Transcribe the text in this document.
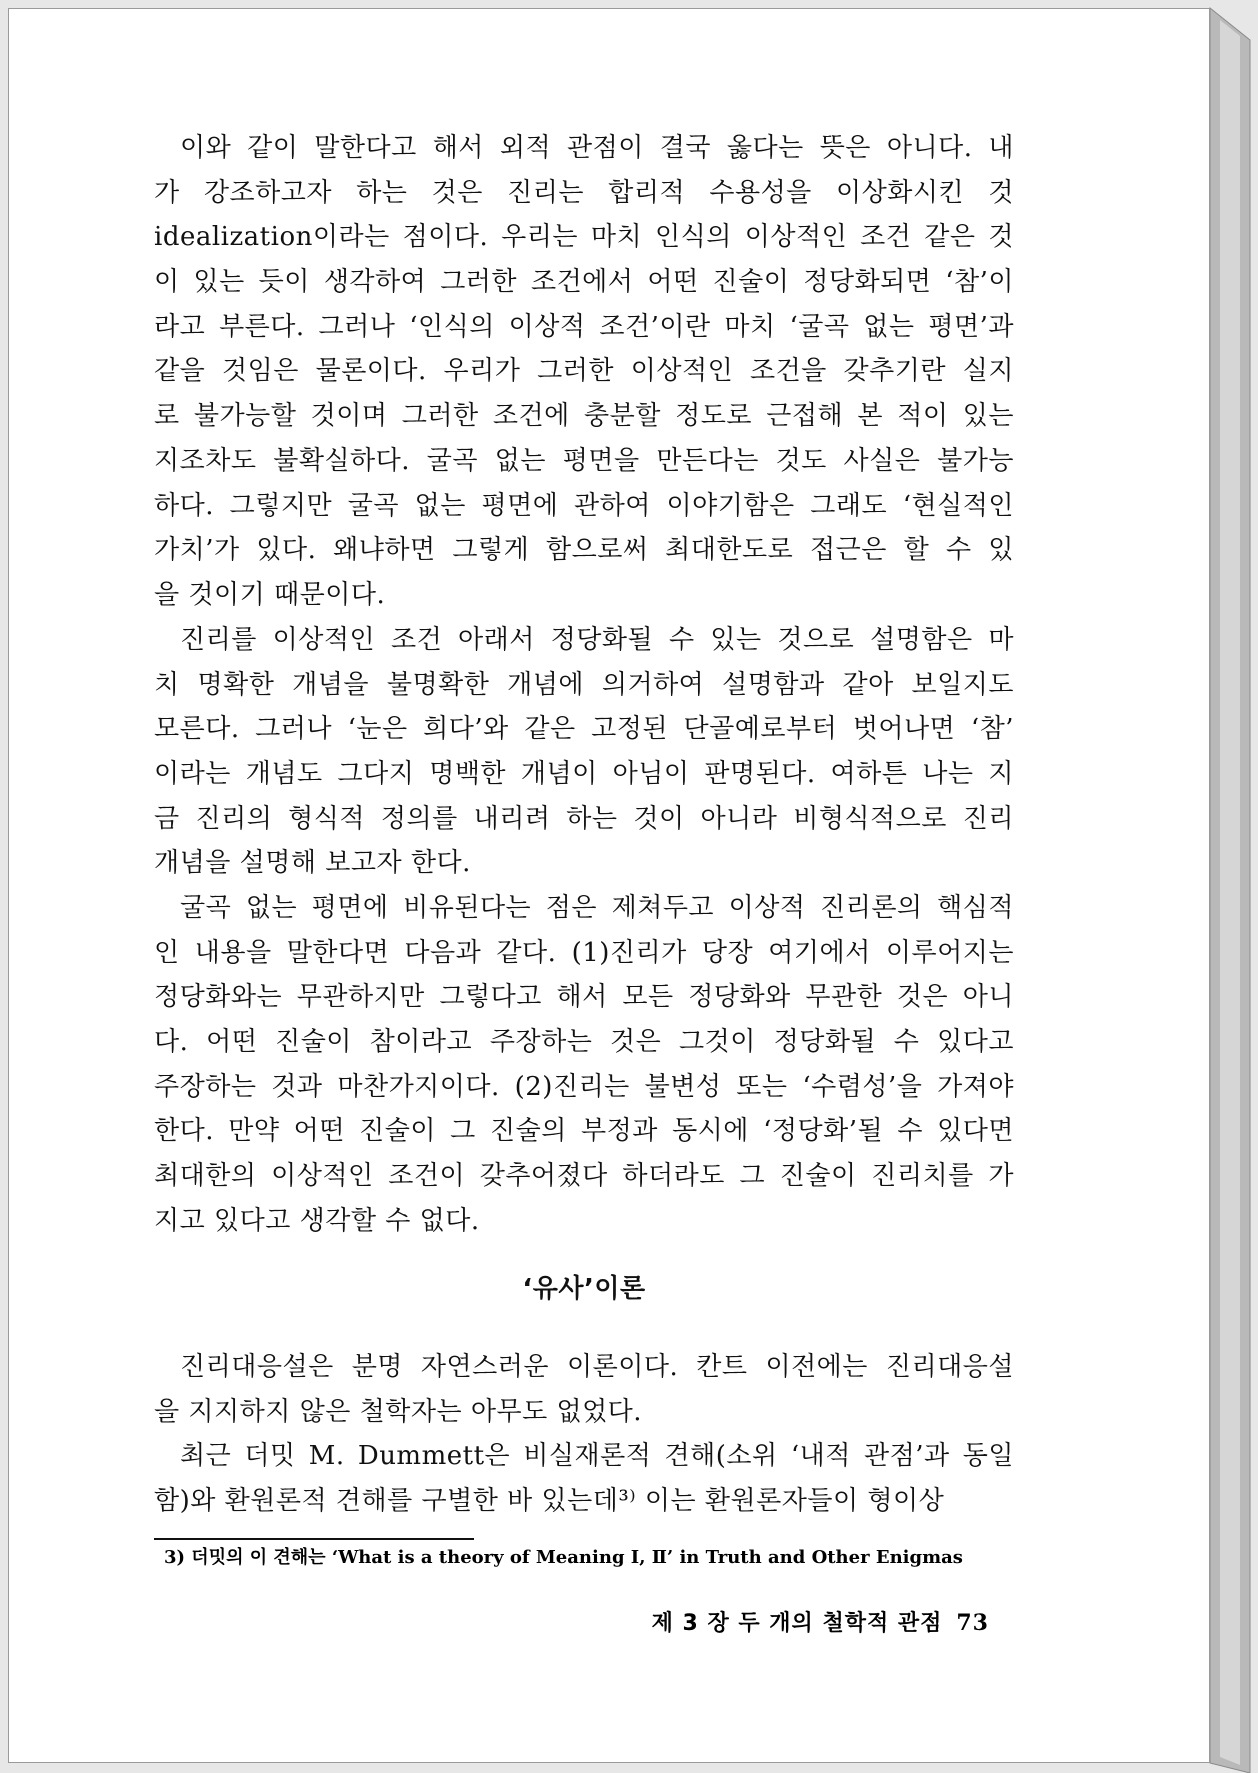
이와 같이 말한다고 해서 외적 관점이 결국 옳다는 뜻은 아니다. 내
가 강조하고자 하는 것은 진리는 합리적 수용성을 이상화시킨 것
idealization이라는 점이다. 우리는 마치 인식의 이상적인 조건 같은 것
이 있는 듯이 생각하여 그러한 조건에서 어떤 진술이 정당화되면 ‘참’이
라고 부른다. 그러나 ‘인식의 이상적 조건’이란 마치 ‘굴곡 없는 평면’과
같을 것임은 물론이다. 우리가 그러한 이상적인 조건을 갖추기란 실지
로 불가능할 것이며 그러한 조건에 충분할 정도로 근접해 본 적이 있는
지조차도 불확실하다. 굴곡 없는 평면을 만든다는 것도 사실은 불가능
하다. 그렇지만 굴곡 없는 평면에 관하여 이야기함은 그래도 ‘현실적인
가치’가 있다. 왜냐하면 그렇게 함으로써 최대한도로 접근은 할 수 있
을 것이기 때문이다.
진리를 이상적인 조건 아래서 정당화될 수 있는 것으로 설명함은 마
치 명확한 개념을 불명확한 개념에 의거하여 설명함과 같아 보일지도
모른다. 그러나 ‘눈은 희다’와 같은 고정된 단골예로부터 벗어나면 ‘참’
이라는 개념도 그다지 명백한 개념이 아님이 판명된다. 여하튼 나는 지
금 진리의 형식적 정의를 내리려 하는 것이 아니라 비형식적으로 진리
개념을 설명해 보고자 한다.
굴곡 없는 평면에 비유된다는 점은 제쳐두고 이상적 진리론의 핵심적
인 내용을 말한다면 다음과 같다. (1)진리가 당장 여기에서 이루어지는
정당화와는 무관하지만 그렇다고 해서 모든 정당화와 무관한 것은 아니
다. 어떤 진술이 참이라고 주장하는 것은 그것이 정당화될 수 있다고
주장하는 것과 마찬가지이다. (2)진리는 불변성 또는 ‘수렴성’을 가져야
한다. 만약 어떤 진술이 그 진술의 부정과 동시에 ‘정당화’될 수 있다면
최대한의 이상적인 조건이 갖추어졌다 하더라도 그 진술이 진리치를 가
지고 있다고 생각할 수 없다.
‘유사’이론
진리대응설은 분명 자연스러운 이론이다. 칸트 이전에는 진리대응설
을 지지하지 않은 철학자는 아무도 없었다.
최근 더밋 M. Dummett은 비실재론적 견해(소위 ‘내적 관점’과 동일
함)와 환원론적 견해를 구별한 바 있는데³⁾ 이는 환원론자들이 형이상
3) 더밋의 이 견해는 ‘What is a theory of Meaning Ⅰ, Ⅱ’ in Truth and Other Enigmas
제 3 장 두 개의 철학적 관점 73
